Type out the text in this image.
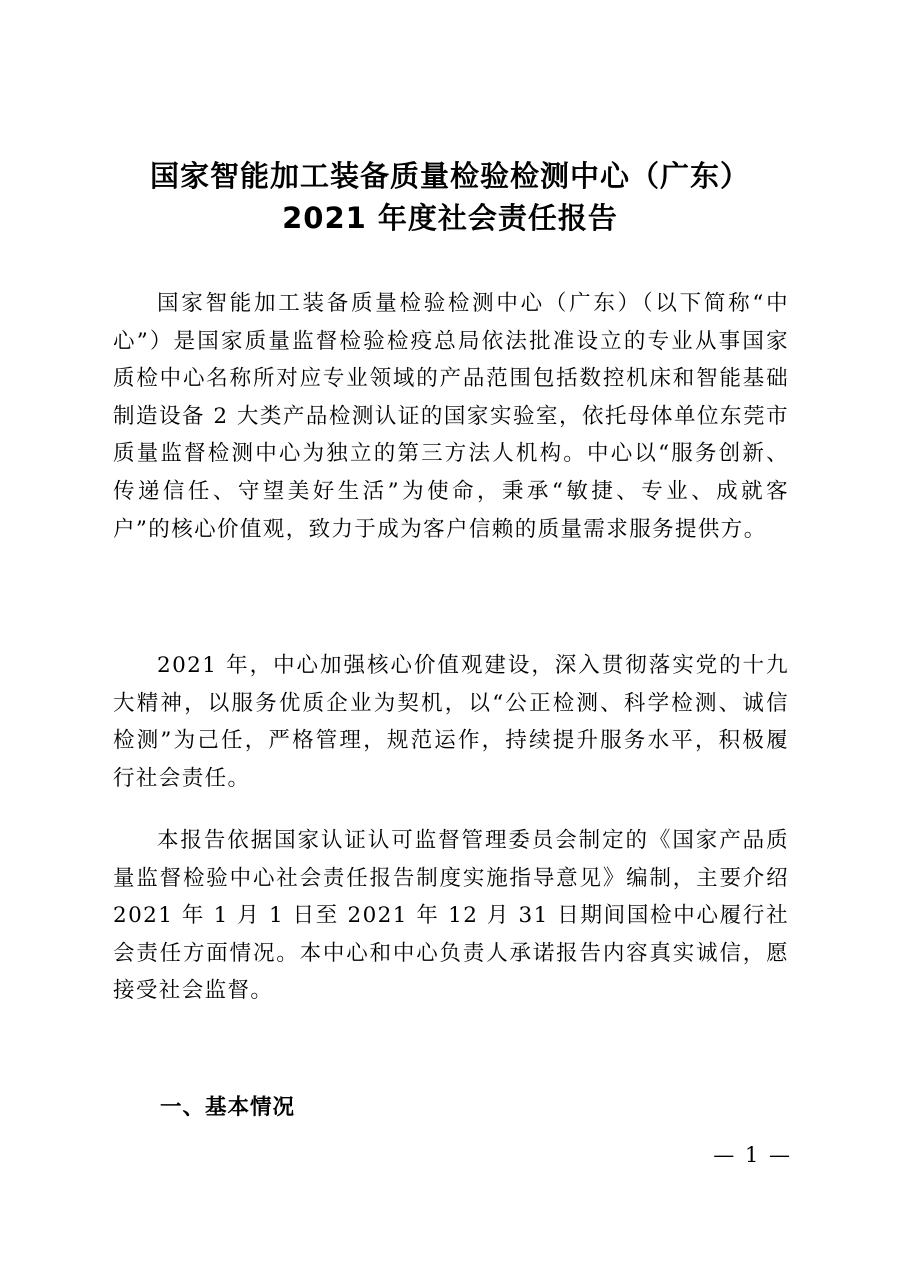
国家智能加工装备质量检验检测中心（广东）
2021 年度社会责任报告

国家智能加工装备质量检验检测中心（广东）（以下简称“中心”）是国家质量监督检验检疫总局依法批准设立的专业从事国家质检中心名称所对应专业领域的产品范围包括数控机床和智能基础制造设备 2 大类产品检测认证的国家实验室，依托母体单位东莞市质量监督检测中心为独立的第三方法人机构。中心以“服务创新、传递信任、守望美好生活”为使命，秉承“敏捷、专业、成就客户”的核心价值观，致力于成为客户信赖的质量需求服务提供方。

2021 年，中心加强核心价值观建设，深入贯彻落实党的十九大精神，以服务优质企业为契机，以“公正检测、科学检测、诚信检测”为己任，严格管理，规范运作，持续提升服务水平，积极履行社会责任。

本报告依据国家认证认可监督管理委员会制定的《国家产品质量监督检验中心社会责任报告制度实施指导意见》编制，主要介绍 2021 年 1 月 1 日至 2021 年 12 月 31 日期间国检中心履行社会责任方面情况。本中心和中心负责人承诺报告内容真实诚信，愿接受社会监督。

一、基本情况
— 1 —
